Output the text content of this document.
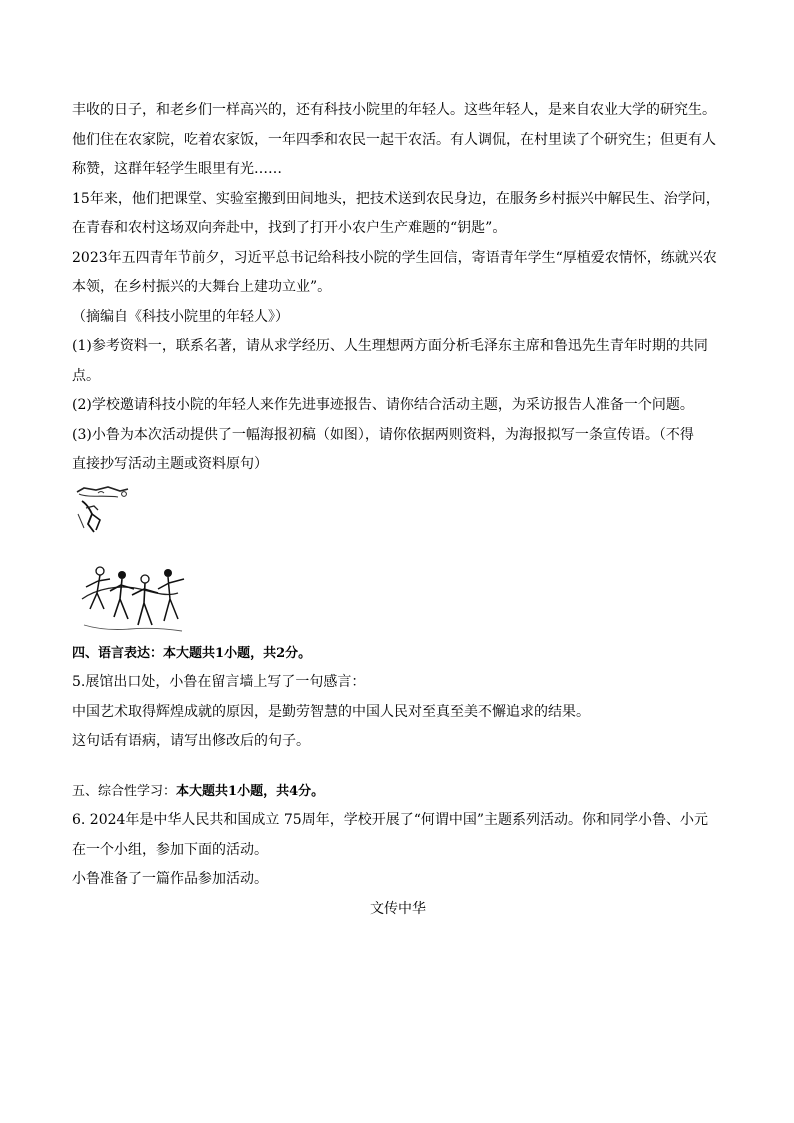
丰收的日子，和老乡们一样高兴的，还有科技小院里的年轻人。这些年轻人，是来自农业大学的研究生。
他们住在农家院，吃着农家饭，一年四季和农民一起干农活。有人调侃，在村里读了个研究生；但更有人
称赞，这群年轻学生眼里有光……
15年来，他们把课堂、实验室搬到田间地头，把技术送到农民身边，在服务乡村振兴中解民生、治学问，
在青春和农村这场双向奔赴中，找到了打开小农户生产难题的“钥匙”。
2023年五四青年节前夕，习近平总书记给科技小院的学生回信，寄语青年学生“厚植爱农情怀，练就兴农
本领，在乡村振兴的大舞台上建功立业”。
（摘编自《科技小院里的年轻人》）
(1)参考资料一，联系名著，请从求学经历、人生理想两方面分析毛泽东主席和鲁迅先生青年时期的共同
点。
(2)学校邀请科技小院的年轻人来作先进事迹报告、请你结合活动主题，为采访报告人准备一个问题。
(3)小鲁为本次活动提供了一幅海报初稿（如图），请你依据两则资料，为海报拟写一条宣传语。（不得
直接抄写活动主题或资料原句）
四、语言表达：本大题共1小题，共2分。
5.展馆出口处，小鲁在留言墙上写了一句感言：
中国艺术取得辉煌成就的原因，是勤劳智慧的中国人民对至真至美不懈追求的结果。
这句话有语病，请写出修改后的句子。
五、综合性学习：本大题共1小题，共4分。
6. 2024年是中华人民共和国成立 75周年，学校开展了“何谓中国”主题系列活动。你和同学小鲁、小元
在一个小组，参加下面的活动。
小鲁准备了一篇作品参加活动。
文传中华
